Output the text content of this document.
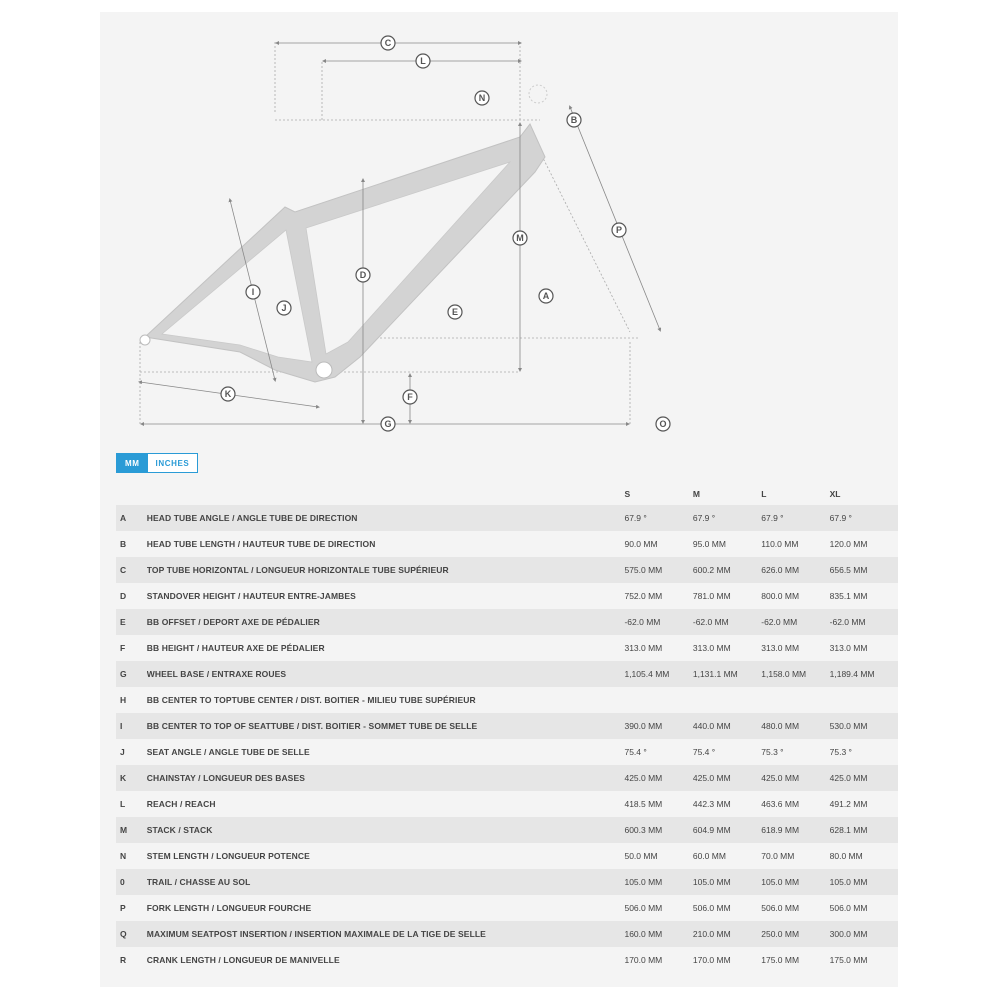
C
L
N
B
M
P
D
I
J	E
A
F
K
G	O
MM	INCHES
S	M	L	XL
A	HEAD TUBE ANGLE / ANGLE TUBE DE DIRECTION	67.9 °	67.9 °	67.9 °	67.9 °
B	HEAD TUBE LENGTH / HAUTEUR TUBE DE DIRECTION	90.0 MM	95.0 MM	110.0 MM	120.0 MM
C	TOP TUBE HORIZONTAL / LONGUEUR HORIZONTALE TUBE SUPÉRIEUR	575.0 MM	600.2 MM	626.0 MM	656.5 MM
D	STANDOVER HEIGHT / HAUTEUR ENTRE-JAMBES	752.0 MM	781.0 MM	800.0 MM	835.1 MM
E	BB OFFSET / DEPORT AXE DE PÉDALIER	-62.0 MM	-62.0 MM	-62.0 MM	-62.0 MM
F	BB HEIGHT / HAUTEUR AXE DE PÉDALIER	313.0 MM	313.0 MM	313.0 MM	313.0 MM
G	WHEEL BASE / ENTRAXE ROUES	1,105.4 MM	1,131.1 MM	1,158.0 MM	1,189.4 MM
H	BB CENTER TO TOPTUBE CENTER / DIST. BOITIER - MILIEU TUBE SUPÉRIEUR
I	BB CENTER TO TOP OF SEATTUBE / DIST. BOITIER - SOMMET TUBE DE SELLE	390.0 MM	440.0 MM	480.0 MM	530.0 MM
J	SEAT ANGLE / ANGLE TUBE DE SELLE	75.4 °	75.4 °	75.3 °	75.3 °
K	CHAINSTAY / LONGUEUR DES BASES	425.0 MM	425.0 MM	425.0 MM	425.0 MM
L	REACH / REACH	418.5 MM	442.3 MM	463.6 MM	491.2 MM
M	STACK / STACK	600.3 MM	604.9 MM	618.9 MM	628.1 MM
N	STEM LENGTH / LONGUEUR POTENCE	50.0 MM	60.0 MM	70.0 MM	80.0 MM
0	TRAIL / CHASSE AU SOL	105.0 MM	105.0 MM	105.0 MM	105.0 MM
P	FORK LENGTH / LONGUEUR FOURCHE	506.0 MM	506.0 MM	506.0 MM	506.0 MM
Q	MAXIMUM SEATPOST INSERTION / INSERTION MAXIMALE DE LA TIGE DE SELLE	160.0 MM	210.0 MM	250.0 MM	300.0 MM
R	CRANK LENGTH / LONGUEUR DE MANIVELLE	170.0 MM	170.0 MM	175.0 MM	175.0 MM
